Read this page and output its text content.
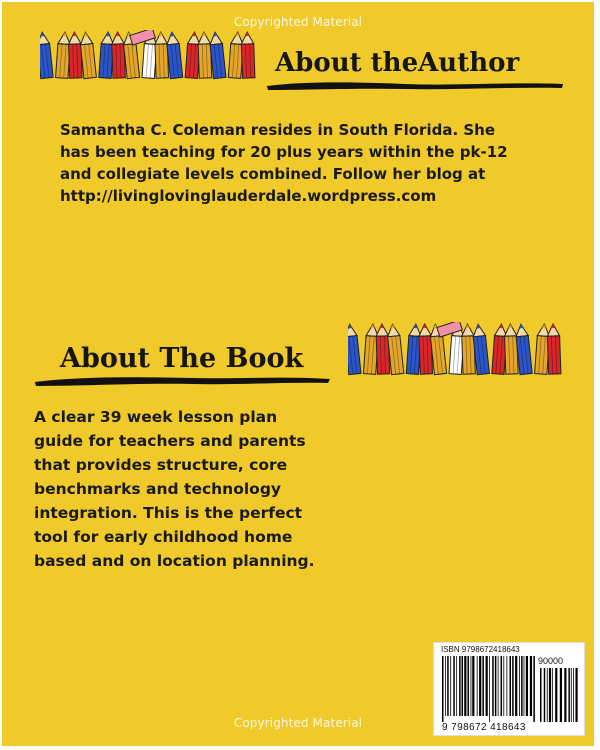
Copyrighted Material
About theAuthor
Samantha C. Coleman resides in South Florida. She
has been teaching for 20 plus years within the pk-12
and collegiate levels combined. Follow her blog at
http://livinglovinglauderdale.wordpress.com
About The Book
A clear 39 week lesson plan
guide for teachers and parents
that provides structure, core
benchmarks and technology
integration. This is the perfect
tool for early childhood home
based and on location planning.
ISBN 9798672418643
90000
9 798672 418643
Copyrighted Material
